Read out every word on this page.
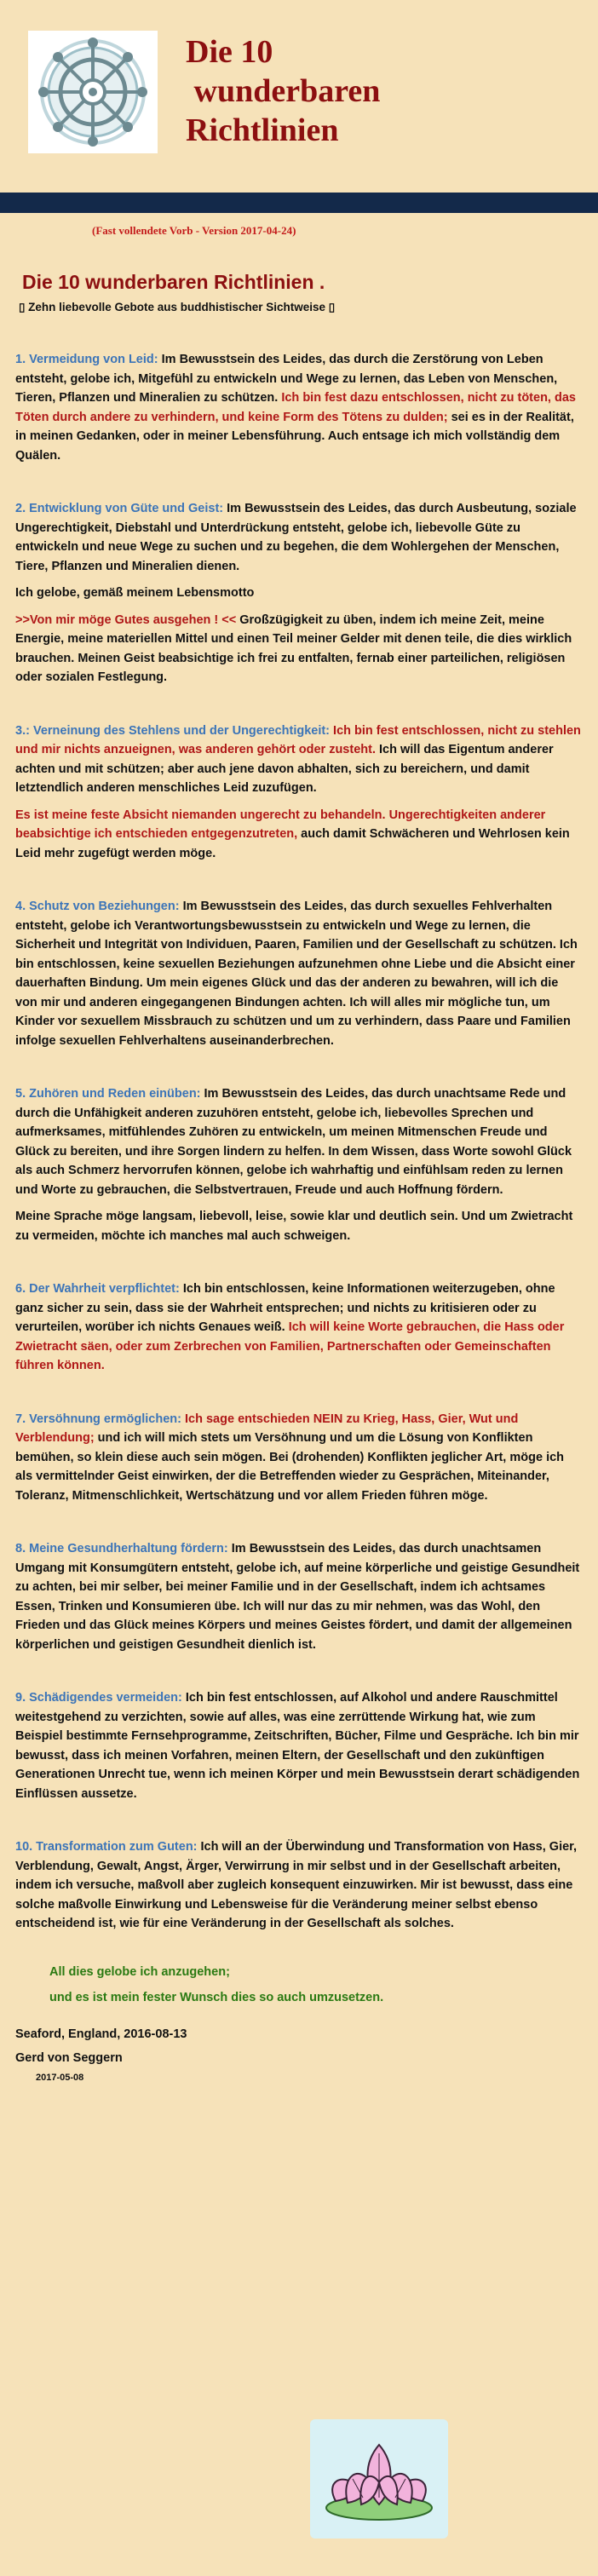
Die 10
wunderbaren
Richtlinien
(Fast vollendete Vorb - Version 2017-04-24)
Die 10 wunderbaren Richtlinien .
▯ Zehn liebevolle Gebote aus buddhistischer Sichtweise ▯

1. Vermeidung von Leid: Im Bewusstsein des Leides, das durch die Zerstörung von Leben entsteht, gelobe ich, Mitgefühl zu entwickeln und Wege zu lernen, das Leben von Menschen, Tieren, Pflanzen und Mineralien zu schützen. Ich bin fest dazu entschlossen, nicht zu töten, das Töten durch andere zu verhindern, und keine Form des Tötens zu dulden; sei es in der Realität, in meinen Gedanken, oder in meiner Lebensführung. Auch entsage ich mich vollständig dem Quälen.

2. Entwicklung von Güte und Geist: Im Bewusstsein des Leides, das durch Ausbeutung, soziale Ungerechtigkeit, Diebstahl und Unterdrückung entsteht, gelobe ich, liebevolle Güte zu entwickeln und neue Wege zu suchen und zu begehen, die dem Wohlergehen der Menschen, Tiere, Pflanzen und Mineralien dienen.

Ich gelobe, gemäß meinem Lebensmotto

>>Von mir möge Gutes ausgehen ! << Großzügigkeit zu üben, indem ich meine Zeit, meine Energie, meine materiellen Mittel und einen Teil meiner Gelder mit denen teile, die dies wirklich brauchen. Meinen Geist beabsichtige ich frei zu entfalten, fernab einer parteilichen, religiösen oder sozialen Festlegung.

3.: Verneinung des Stehlens und der Ungerechtigkeit: Ich bin fest entschlossen, nicht zu stehlen und mir nichts anzueignen, was anderen gehört oder zusteht. Ich will das Eigentum anderer achten und mit schützen; aber auch jene davon abhalten, sich zu bereichern, und damit letztendlich anderen menschliches Leid zuzufügen.

Es ist meine feste Absicht niemanden ungerecht zu behandeln. Ungerechtigkeiten anderer beabsichtige ich entschieden entgegenzutreten, auch damit Schwächeren und Wehrlosen kein Leid mehr zugefügt werden möge.

4. Schutz von Beziehungen: Im Bewusstsein des Leides, das durch sexuelles Fehlverhalten entsteht, gelobe ich Verantwortungsbewusstsein zu entwickeln und Wege zu lernen, die Sicherheit und Integrität von Individuen, Paaren, Familien und der Gesellschaft zu schützen. Ich bin entschlossen, keine sexuellen Beziehungen aufzunehmen ohne Liebe und die Absicht einer dauerhaften Bindung. Um mein eigenes Glück und das der anderen zu bewahren, will ich die von mir und anderen eingegangenen Bindungen achten. Ich will alles mir mögliche tun, um Kinder vor sexuellem Missbrauch zu schützen und um zu verhindern, dass Paare und Familien infolge sexuellen Fehlverhaltens auseinanderbrechen.

5. Zuhören und Reden einüben: Im Bewusstsein des Leides, das durch unachtsame Rede und durch die Unfähigkeit anderen zuzuhören entsteht, gelobe ich, liebevolles Sprechen und aufmerksames, mitfühlendes Zuhören zu entwickeln, um meinen Mitmenschen Freude und Glück zu bereiten, und ihre Sorgen lindern zu helfen. In dem Wissen, dass Worte sowohl Glück als auch Schmerz hervorrufen können, gelobe ich wahrhaftig und einfühlsam reden zu lernen und Worte zu gebrauchen, die Selbstvertrauen, Freude und auch Hoffnung fördern.

Meine Sprache möge langsam, liebevoll, leise, sowie klar und deutlich sein. Und um Zwietracht zu vermeiden, möchte ich manches mal auch schweigen.

6. Der Wahrheit verpflichtet: Ich bin entschlossen, keine Informationen weiterzugeben, ohne ganz sicher zu sein, dass sie der Wahrheit entsprechen; und nichts zu kritisieren oder zu verurteilen, worüber ich nichts Genaues weiß. Ich will keine Worte gebrauchen, die Hass oder Zwietracht säen, oder zum Zerbrechen von Familien, Partnerschaften oder Gemeinschaften führen können.

7. Versöhnung ermöglichen: Ich sage entschieden NEIN zu Krieg, Hass, Gier, Wut und Verblendung; und ich will mich stets um Versöhnung und um die Lösung von Konflikten bemühen, so klein diese auch sein mögen. Bei (drohenden) Konflikten jeglicher Art, möge ich als vermittelnder Geist einwirken, der die Betreffenden wieder zu Gesprächen, Miteinander, Toleranz, Mitmenschlichkeit, Wertschätzung und vor allem Frieden führen möge.

8. Meine Gesundherhaltung fördern: Im Bewusstsein des Leides, das durch unachtsamen Umgang mit Konsumgütern entsteht, gelobe ich, auf meine körperliche und geistige Gesundheit zu achten, bei mir selber, bei meiner Familie und in der Gesellschaft, indem ich achtsames Essen, Trinken und Konsumieren übe. Ich will nur das zu mir nehmen, was das Wohl, den Frieden und das Glück meines Körpers und meines Geistes fördert, und damit der allgemeinen körperlichen und geistigen Gesundheit dienlich ist.

9. Schädigendes vermeiden: Ich bin fest entschlossen, auf Alkohol und andere Rauschmittel weitestgehend zu verzichten, sowie auf alles, was eine zerrüttende Wirkung hat, wie zum Beispiel bestimmte Fernsehprogramme, Zeitschriften, Bücher, Filme und Gespräche. Ich bin mir bewusst, dass ich meinen Vorfahren, meinen Eltern, der Gesellschaft und den zukünftigen Generationen Unrecht tue, wenn ich meinen Körper und mein Bewusstsein derart schädigenden Einflüssen aussetze.

10. Transformation zum Guten: Ich will an der Überwindung und Transformation von Hass, Gier, Verblendung, Gewalt, Angst, Ärger, Verwirrung in mir selbst und in der Gesellschaft arbeiten, indem ich versuche, maßvoll aber zugleich konsequent einzuwirken. Mir ist bewusst, dass eine solche maßvolle Einwirkung und Lebensweise für die Veränderung meiner selbst ebenso entscheidend ist, wie für eine Veränderung in der Gesellschaft als solches.

All dies gelobe ich anzugehen;

und es ist mein fester Wunsch dies so auch umzusetzen.

Seaford, England, 2016-08-13

Gerd von Seggern

2017-05-08
